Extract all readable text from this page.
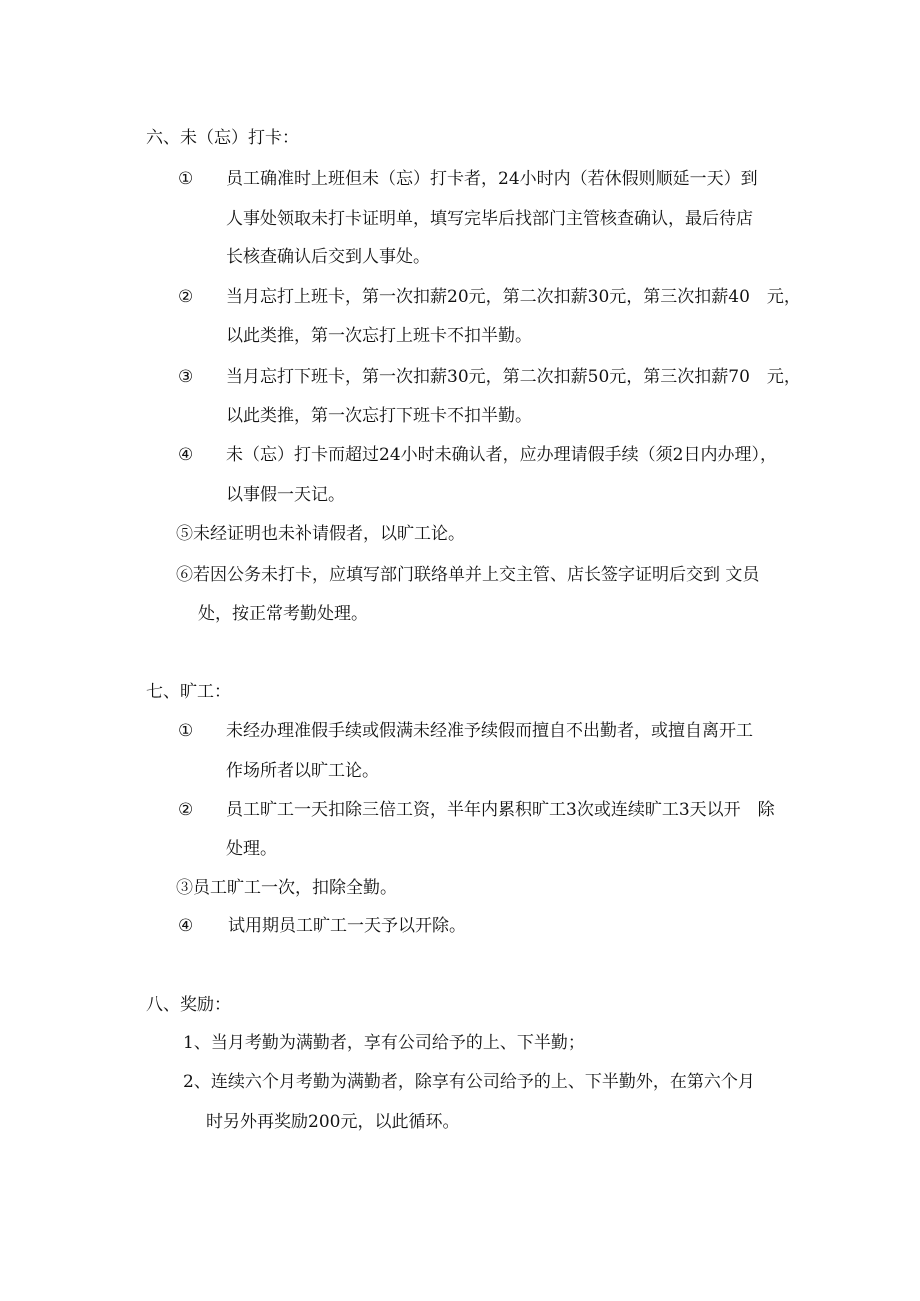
六、未（忘）打卡：
① 员工确准时上班但未（忘）打卡者，24小时内（若休假则顺延一天）到
人事处领取未打卡证明单，填写完毕后找部门主管核查确认，最后待店
长核查确认后交到人事处。
② 当月忘打上班卡，第一次扣薪20元，第二次扣薪30元，第三次扣薪40　元，
以此类推，第一次忘打上班卡不扣半勤。
③ 当月忘打下班卡，第一次扣薪30元，第二次扣薪50元，第三次扣薪70　元，
以此类推，第一次忘打下班卡不扣半勤。
④ 未（忘）打卡而超过24小时未确认者，应办理请假手续（须2日内办理），
以事假一天记。
⑤未经证明也未补请假者，以旷工论。
⑥若因公务未打卡，应填写部门联络单并上交主管、店长签字证明后交到 文员
处，按正常考勤处理。
七、旷工：
① 未经办理准假手续或假满未经准予续假而擅自不出勤者，或擅自离开工
作场所者以旷工论。
② 员工旷工一天扣除三倍工资，半年内累积旷工3次或连续旷工3天以开　除
处理。
③员工旷工一次，扣除全勤。
④ 试用期员工旷工一天予以开除。
八、奖励：
1、当月考勤为满勤者，享有公司给予的上、下半勤；
2、连续六个月考勤为满勤者，除享有公司给予的上、下半勤外，在第六个月
时另外再奖励200元，以此循环。
